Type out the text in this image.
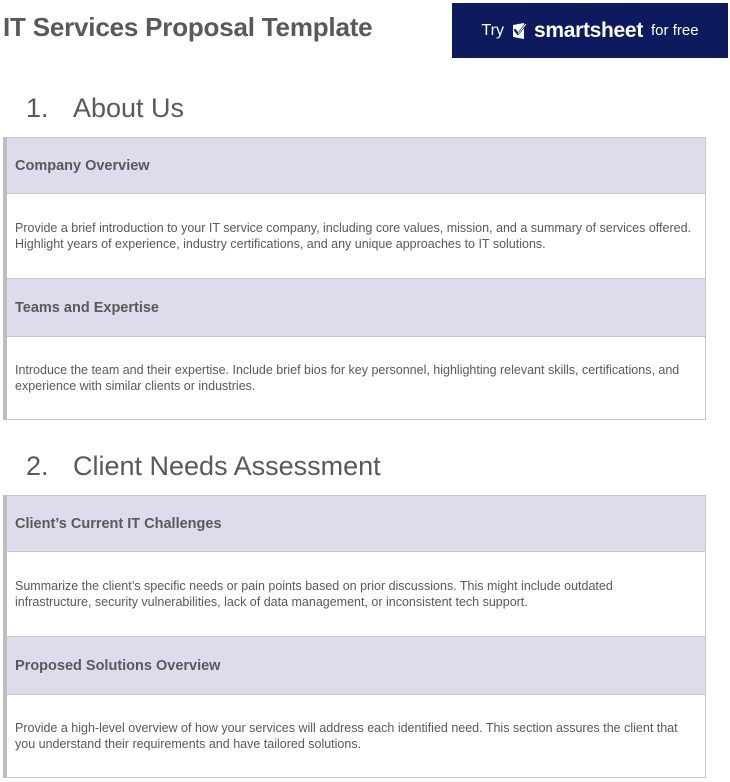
IT Services Proposal Template	Try smartsheet for free
1. About Us
Company Overview
Provide a brief introduction to your IT service company, including core values, mission, and a summary of services offered. Highlight years of experience, industry certifications, and any unique approaches to IT solutions.
Teams and Expertise
Introduce the team and their expertise. Include brief bios for key personnel, highlighting relevant skills, certifications, and experience with similar clients or industries.
2. Client Needs Assessment
Client’s Current IT Challenges
Summarize the client’s specific needs or pain points based on prior discussions. This might include outdated infrastructure, security vulnerabilities, lack of data management, or inconsistent tech support.
Proposed Solutions Overview
Provide a high-level overview of how your services will address each identified need. This section assures the client that you understand their requirements and have tailored solutions.
